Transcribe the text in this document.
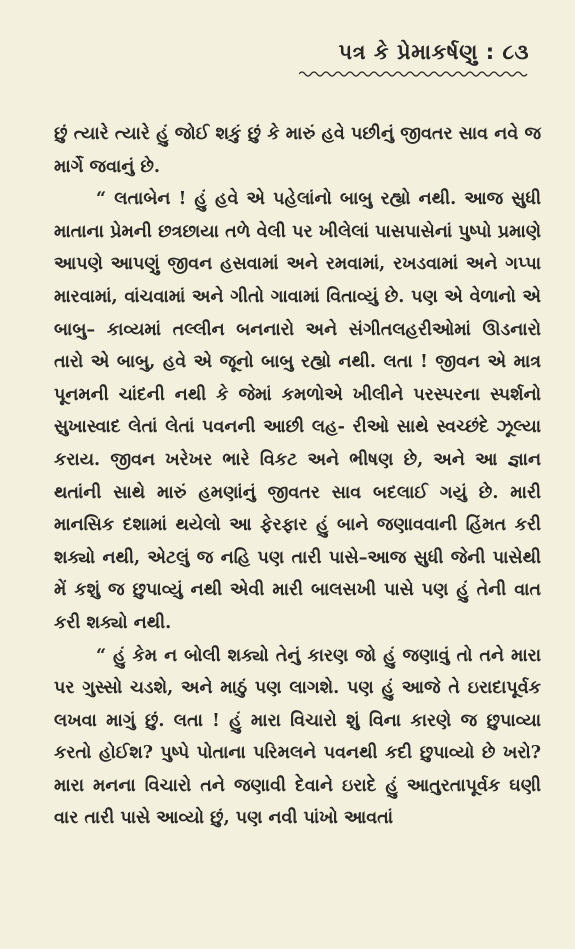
પત્ર કે પ્રેમાકર્ષણુ : ૮૩

છું ત્યારે ત્યારે હું જોઈ શકું છું કે મારું હવે પછીનું જીવતર સાવ નવે જ માર્ગે જવાનું છે.

“ લતાબેન ! હું હવે એ પહેલાંનો બાબુ રહ્યો નથી. આજ સુધી માતાના પ્રેમની છત્રછાયા તળે વેલી પર ખીલેલાં પાસપાસેનાં પુષ્પો પ્રમાણે આપણે આપણું જીવન હસવામાં અને રમવામાં, રખડવામાં અને ગપ્પા મારવામાં, વાંચવામાં અને ગીતો ગાવામાં વિતાવ્યું છે. પણ એ વેળાનો એ બાબુ– કાવ્યમાં તલ્લીન બનનારો અને સંગીતલહરીઓમાં ઊડનારો તારો એ બાબુ, હવે એ જૂનો બાબુ રહ્યો નથી. લતા ! જીવન એ માત્ર પૂનમની ચાંદની નથી કે જેમાં કમળોએ ખીલીને પરસ્પરના સ્પર્શનો સુખાસ્વાદ લેતાં લેતાં પવનની આછી લહ- રીઓ સાથે સ્વચ્છંદે ઝૂલ્યા કરાય. જીવન ખરેખર ભારે વિકટ અને ભીષણ છે, અને આ જ્ઞાન થતાંની સાથે મારું હમણાંનું જીવતર સાવ બદલાઈ ગયું છે. મારી માનસિક દશામાં થયેલો આ ફેરફાર હું બાને જણાવવાની હિંમત કરી શક્યો નથી, એટલું જ નહિ પણ તારી પાસે–આજ સુધી જેની પાસેથી મેં કશું જ છુપાવ્યું નથી એવી મારી બાલસખી પાસે પણ હું તેની વાત કરી શક્યો નથી.

“ હું કેમ ન બોલી શક્યો તેનું કારણ જો હું જણાવું તો તને મારા પર ગુસ્સો ચડશે, અને માઠું પણ લાગશે. પણ હું આજે તે ઇરાદાપૂર્વક લખવા માગું છું. લતા ! હું મારા વિચારો શું વિના કારણે જ છુપાવ્યા કરતો હોઈશ? પુષ્પે પોતાના પરિમલને પવનથી કદી છુપાવ્યો છે ખરો? મારા મનના વિચારો તને જણાવી દેવાને ઇરાદે હું આતુરતાપૂર્વક ઘણી વાર તારી પાસે આવ્યો છું, પણ નવી પાંખો આવતાં
